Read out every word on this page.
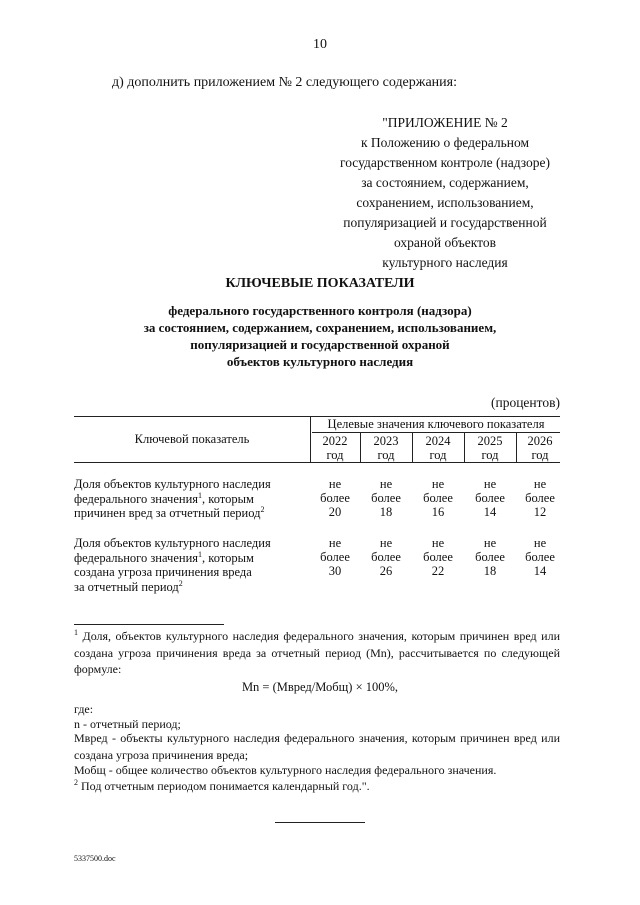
10
д) дополнить приложением № 2 следующего содержания:
"ПРИЛОЖЕНИЕ № 2
к Положению о федеральном
государственном контроле (надзоре)
за состоянием, содержанием,
сохранением, использованием,
популяризацией и государственной
охраной объектов
культурного наследия
КЛЮЧЕВЫЕ ПОКАЗАТЕЛИ
федерального государственного контроля (надзора)
за состоянием, содержанием, сохранением, использованием,
популяризацией и государственной охраной
объектов культурного наследия
(процентов)
Ключевой показатель
Целевые значения ключевого показателя
2022
год
2023
год
2024
год
2025
год
2026
год
Доля объектов культурного наследия
федерального значения$^1$, которым
причинен вред за отчетный период$^2$
не
более
20
не
более
18
не
более
16
не
более
14
не
более
12
Доля объектов культурного наследия
федерального значения$^1$, которым
создана угроза причинения вреда
за отчетный период$^2$
не
более
30
не
более
26
не
более
22
не
более
18
не
более
14
$^1$ Доля, объектов культурного наследия федерального значения, которым причинен вред или создана угроза причинения вреда за отчетный период (Мn), рассчитывается по следующей формуле:
Мn = (Мвред/Мобщ) × 100%,
где:
n - отчетный период;
Мвред - объекты культурного наследия федерального значения, которым причинен вред или создана угроза причинения вреда;
Мобщ - общее количество объектов культурного наследия федерального значения.
$^2$ Под отчетным периодом понимается календарный год.".
5337500.doc
